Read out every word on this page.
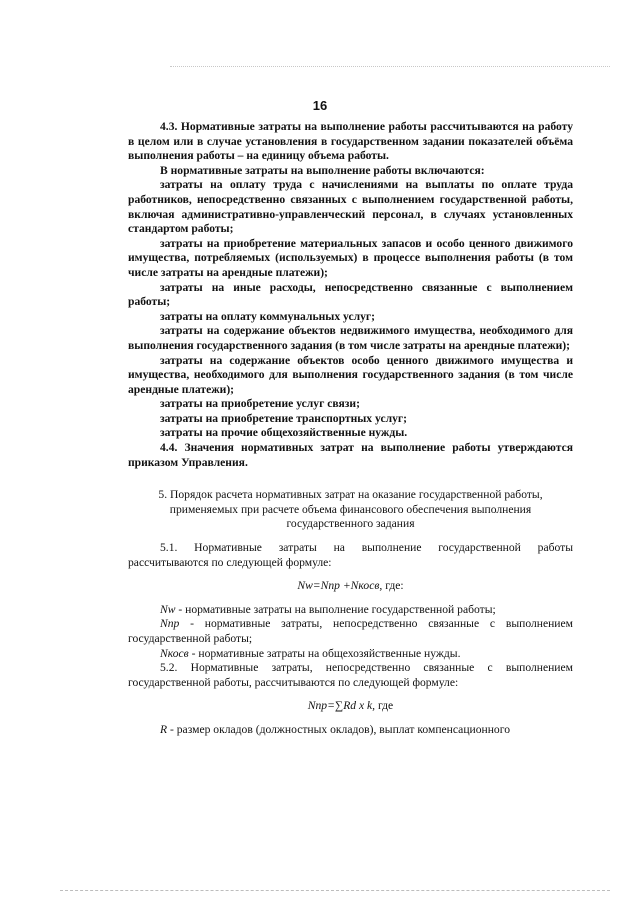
16

4.3. Нормативные затраты на выполнение работы рассчитываются на работу в целом или в случае установления в государственном задании показателей объёма выполнения работы – на единицу объема работы.

В нормативные затраты на выполнение работы включаются:

затраты на оплату труда с начислениями на выплаты по оплате труда работников, непосредственно связанных с выполнением государственной работы, включая административно-управленческий персонал, в случаях установленных стандартом работы;

затраты на приобретение материальных запасов и особо ценного движимого имущества, потребляемых (используемых) в процессе выполнения работы (в том числе затраты на арендные платежи);

затраты на иные расходы, непосредственно связанные с выполнением работы;

затраты на оплату коммунальных услуг;

затраты на содержание объектов недвижимого имущества, необходимого для выполнения государственного задания (в том числе затраты на арендные платежи);

затраты на содержание объектов особо ценного движимого имущества и имущества, необходимого для выполнения государственного задания (в том числе арендные платежи);

затраты на приобретение услуг связи;

затраты на приобретение транспортных услуг;

затраты на прочие общехозяйственные нужды.

4.4. Значения нормативных затрат на выполнение работы утверждаются приказом Управления.

5. Порядок расчета нормативных затрат на оказание государственной работы, применяемых при расчете объема финансового обеспечения выполнения государственного задания

5.1. Нормативные затраты на выполнение государственной работы рассчитываются по следующей формуле:

Nw=Nnp +Nкосв, где:

Nw - нормативные затраты на выполнение государственной работы;

Nnp - нормативные затраты, непосредственно связанные с выполнением государственной работы;

Nкосв - нормативные затраты на общехозяйственные нужды.

5.2. Нормативные затраты, непосредственно связанные с выполнением государственной работы, рассчитываются по следующей формуле:

Nnp=∑Rd x k, где

R - размер окладов (должностных окладов), выплат компенсационного
